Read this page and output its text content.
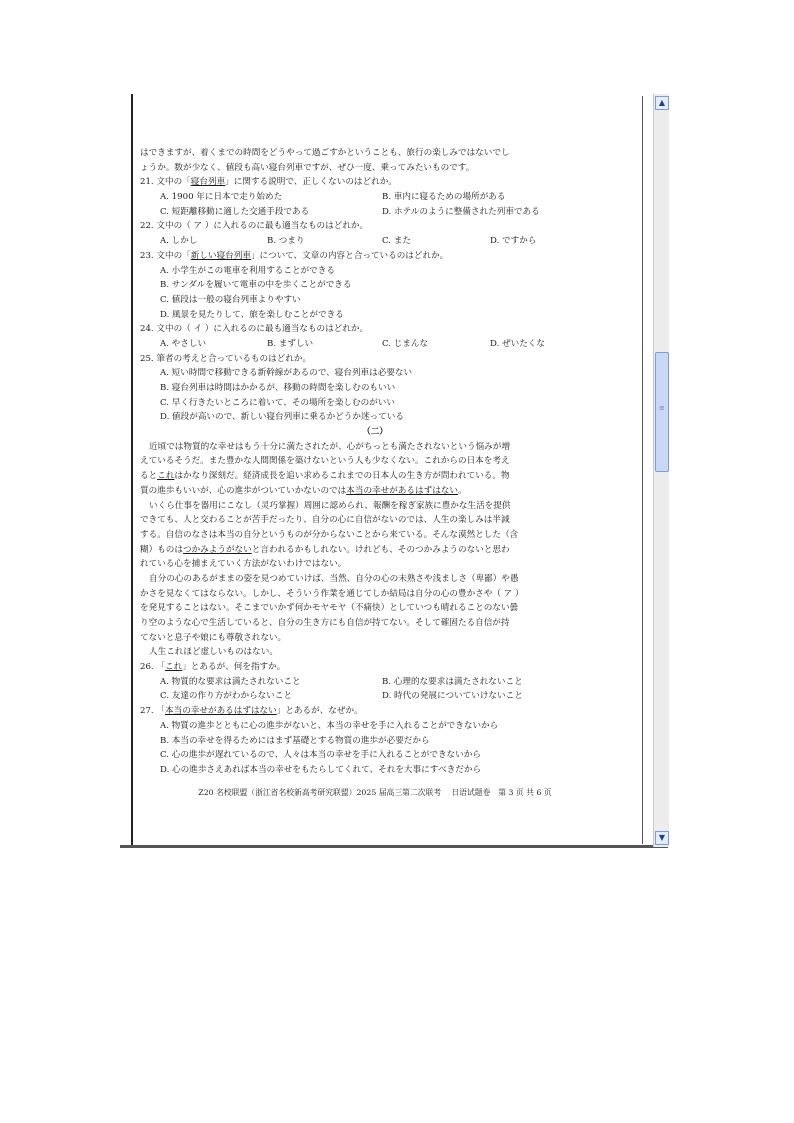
▲
≡
▼
はできますが、着くまでの時間をどうやって過ごすかということも、旅行の楽しみではないでし
ょうか。数が少なく、値段も高い寝台列車ですが、ぜひ一度、乗ってみたいものです。
21. 文中の「寝台列車」に関する説明で、正しくないのはどれか。
A. 1900 年に日本で走り始めた	B. 車内に寝るための場所がある
C. 短距離移動に適した交通手段である	D. ホテルのように整備された列車である
22. 文中の（ ア ）に入れるのに最も適当なものはどれか。
A. しかし	B. つまり	C. また	D. ですから
23. 文中の「新しい寝台列車」について、文章の内容と合っているのはどれか。
A. 小学生がこの電車を利用することができる
B. サンダルを履いて電車の中を歩くことができる
C. 値段は一般の寝台列車よりやすい
D. 風景を見たりして、旅を楽しむことができる
24. 文中の（ イ ）に入れるのに最も適当なものはどれか。
A. やさしい	B. まずしい	C. じまんな	D. ぜいたくな
25. 筆者の考えと合っているものはどれか。
A. 短い時間で移動できる新幹線があるので、寝台列車は必要ない
B. 寝台列車は時間はかかるが、移動の時間を楽しむのもいい
C. 早く行きたいところに着いて、その場所を楽しむのがいい
D. 値段が高いので、新しい寝台列車に乗るかどうか迷っている
（二）
近頃では物質的な幸せはもう十分に満たされたが、心がちっとも満たされないという悩みが増
えているそうだ。また豊かな人間関係を築けないという人も少なくない。これからの日本を考え
るとこれはかなり深刻だ。経済成長を追い求めるこれまでの日本人の生き方が問われている。物
質の進歩もいいが、心の進歩がついていかないのでは本当の幸せがあるはずはない。
いくら仕事を器用にこなし（灵巧掌握）周囲に認められ、報酬を稼ぎ家族に豊かな生活を提供
できても、人と交わることが苦手だったり、自分の心に自信がないのでは、人生の楽しみは半減
する。自信のなさは本当の自分というものが分からないことから来ている。そんな漠然とした（含
糊）ものはつかみようがないと言われるかもしれない。けれども、そのつかみようのないと思わ
れている心を捕まえていく方法がないわけではない。
自分の心のあるがままの姿を見つめていけば、当然、自分の心の未熟さや浅ましさ（卑鄙）や愚
かさを見なくてはならない。しかし、そういう作業を通じてしか結局は自分の心の豊かさや（ ア ）
を発見することはない。そこまでいかず何かモヤモヤ（不痛快）としていつも晴れることのない曇
り空のような心で生活していると、自分の生き方にも自信が持てない。そして確固たる自信が持
てないと息子や娘にも尊敬されない。
人生これほど虚しいものはない。
26. 「これ」とあるが、何を指すか。
A. 物質的な要求は満たされないこと	B. 心理的な要求は満たされないこと
C. 友達の作り方がわからないこと	D. 時代の発展についていけないこと
27. 「本当の幸せがあるはずはない」とあるが、なぜか。
A. 物質の進歩とともに心の進歩がないと、本当の幸せを手に入れることができないから
B. 本当の幸せを得るためにはまず基礎とする物質の進歩が必要だから
C. 心の進歩が遅れているので、人々は本当の幸せを手に入れることができないから
D. 心の進歩さえあれば本当の幸せをもたらしてくれて、それを大事にすべきだから
Z20 名校联盟（浙江省名校新高考研究联盟）2025 届高三第二次联考　 日语试题卷　第 3 页 共 6 页
